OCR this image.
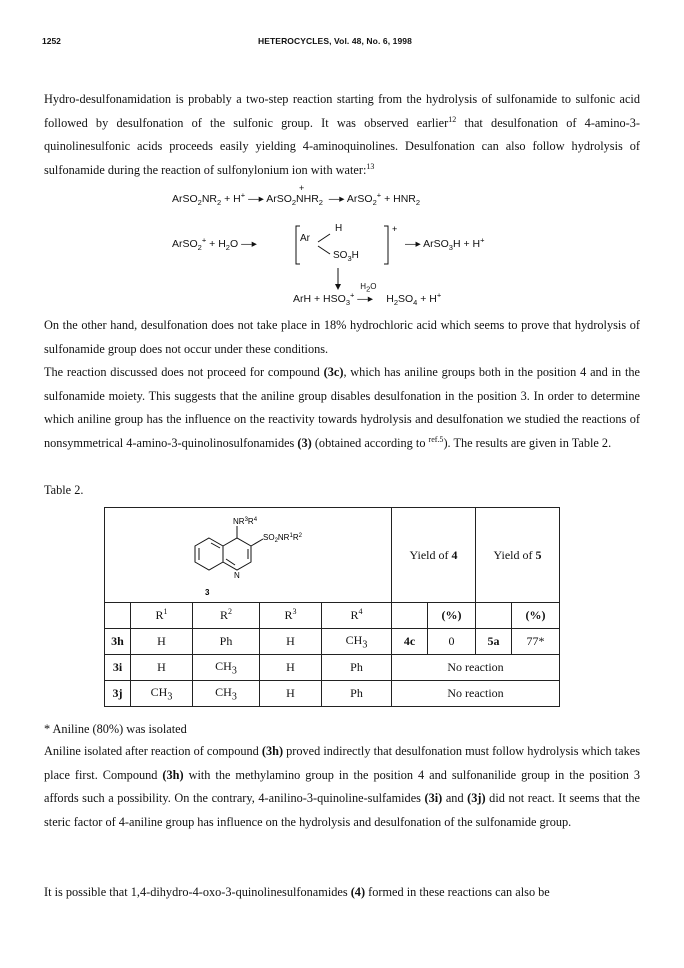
1252	HETEROCYCLES, Vol. 48, No. 6, 1998
Hydro-desulfonamidation is probably a two-step reaction starting from the hydrolysis of sulfonamide to sulfonic acid followed by desulfonation of the sulfonic group. It was observed earlier$^{12}$ that desulfonation of 4-amino-3-quinolinesulfonic acids proceeds easily yielding 4-aminoquinolines. Desulfonation can also follow hydrolysis of sulfonamide during the reaction of sulfonylonium ion with water:$^{13}$
$ArSO_2NR_2 + H^+$ —▸ ArSO$_2$
+
$NHR_2$ —▸ ArSO$_2$+ + $HNR_2$
ArSO$_2$+ + $H_2O$ —▸
+
Ar
H
$SO_3H$
—▸ ArSO$_3$H + H+
ArH + $HSO_3^+$
$H_2O$
—▸ $H_2SO_4 + H^+$
On the other hand, desulfonation does not take place in 18% hydrochloric acid which seems to prove that hydrolysis of sulfonamide group does not occur under these conditions.
The reaction discussed does not proceed for compound (3c), which has aniline groups both in the position 4 and in the sulfonamide moiety. This suggests that the aniline group disables desulfonation in the position 3. In order to determine which aniline group has the influence on the reactivity towards hydrolysis and desulfonation we studied the reactions of nonsymmetrical 4-amino-3-quinolinosulfonamides (3) (obtained according to $^{ref.5}$). The results are given in Table 2.
Table 2.
$NR^3R^4$
$SO_2NR^1R^2$
N
3					Yield of 4		Yield of 5	
	$R^1$	$R^2$	$R^3$	$R^4$		(%)		(%)
3h	H	Ph	H	$CH_3$	4c	0	5a	77*
3i	H	$CH_3$	H	Ph	No reaction			
3j	$CH_3$	$CH_3$	H	Ph	No reaction			
* Aniline (80%) was isolated
Aniline isolated after reaction of compound (3h) proved indirectly that desulfonation must follow hydrolysis which takes place first. Compound (3h) with the methylamino group in the position 4 and sulfonanilide group in the position 3 affords such a possibility. On the contrary, 4-anilino-3-quinoline-sulfamides (3i) and (3j) did not react. It seems that the steric factor of 4-aniline group has influence on the hydrolysis and desulfonation of the sulfonamide group.
It is possible that 1,4-dihydro-4-oxo-3-quinolinesulfonamides (4) formed in these reactions can also be
